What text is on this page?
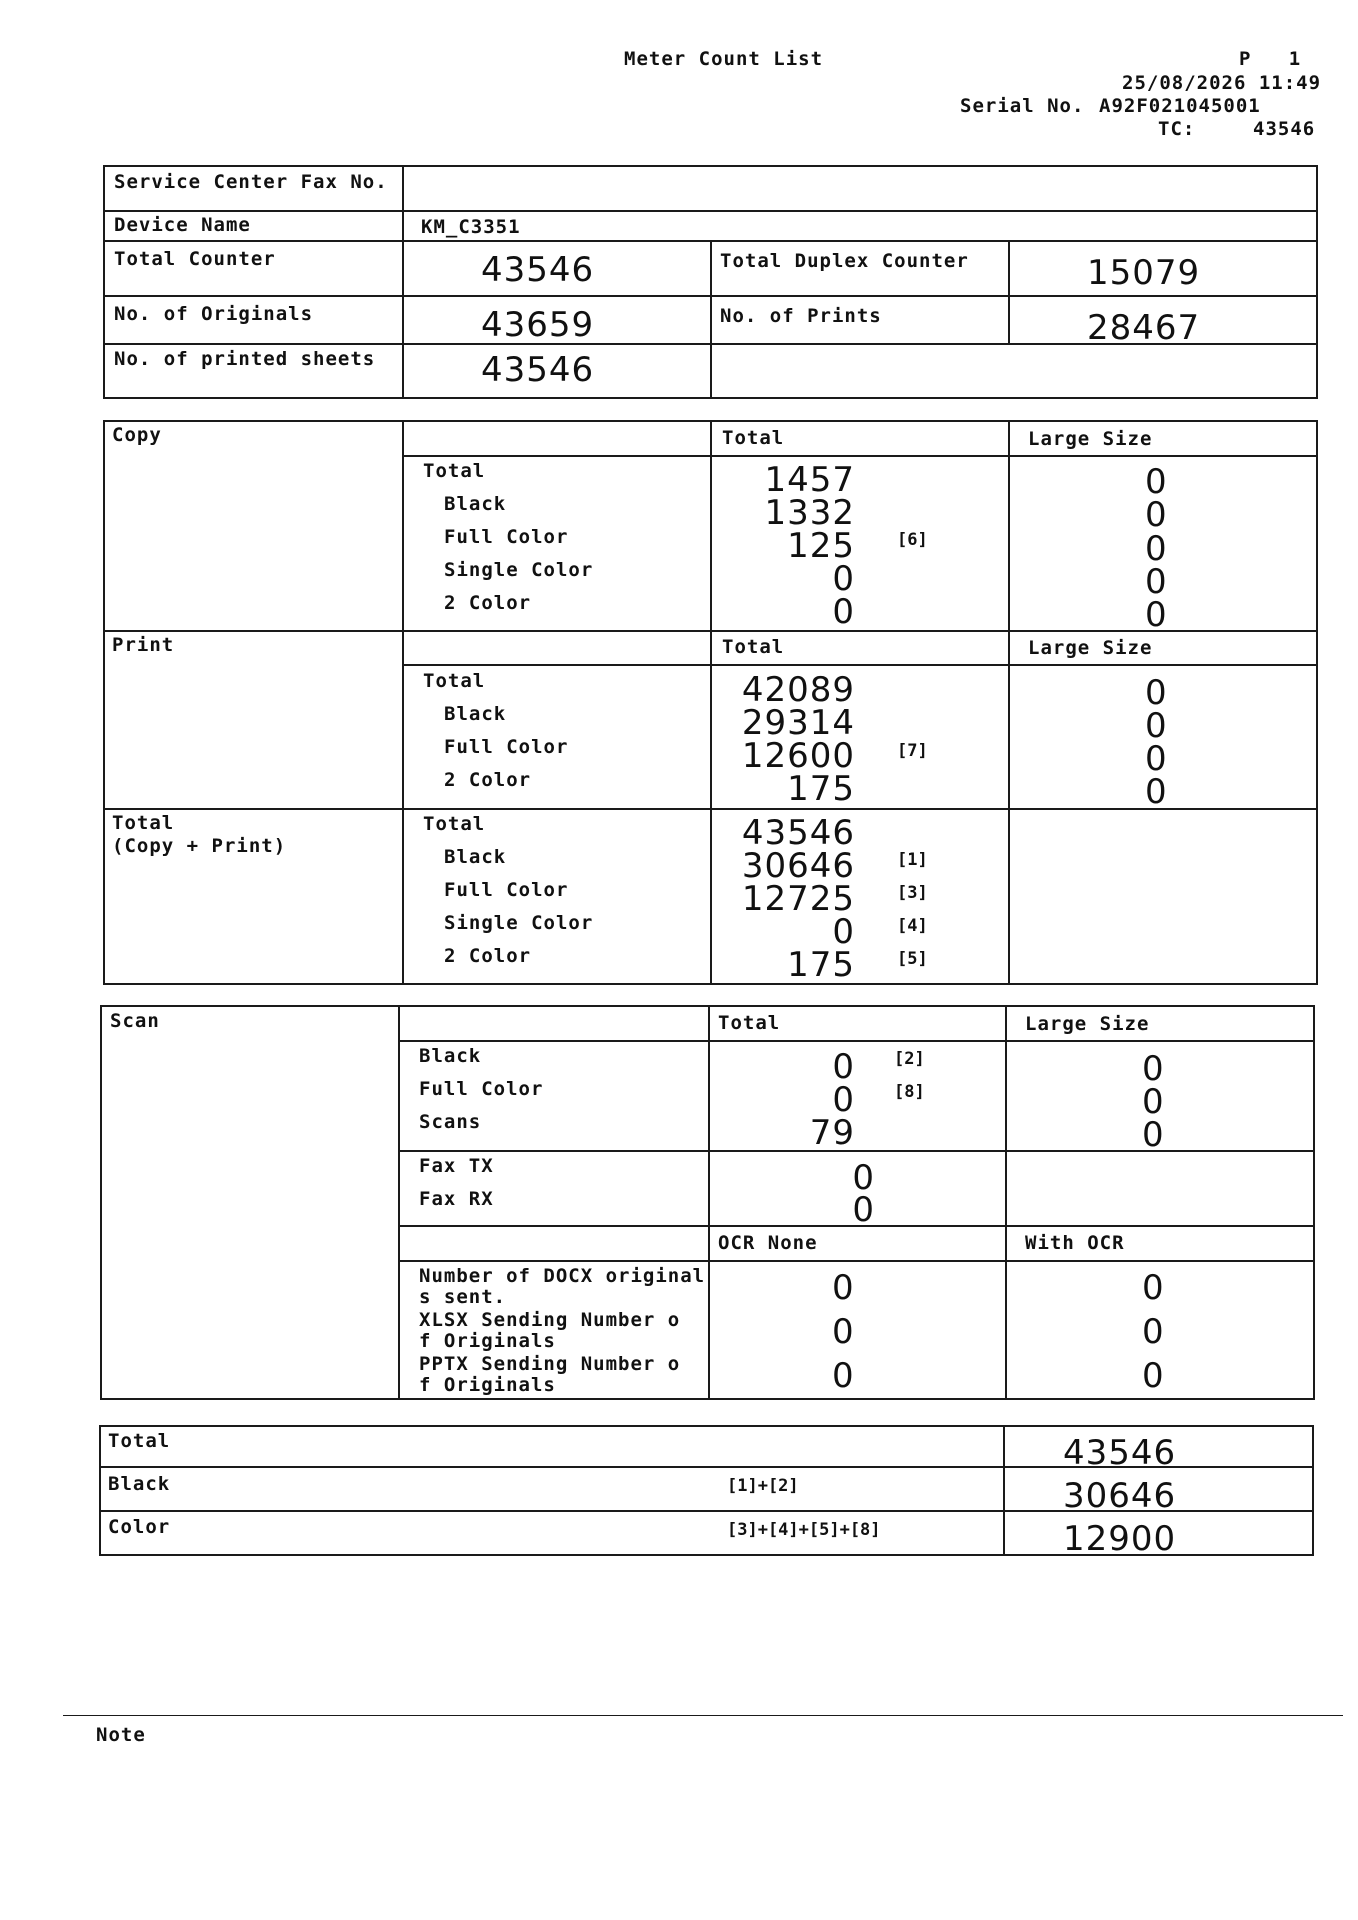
Meter Count List	P   1
25/08/2026 11:49
Serial No. A92F021045001
TC:	43546
Service Center Fax No.
Device Name	KM_C3351
Total Counter	43546	Total Duplex Counter	15079
No. of Originals	43659	No. of Prints	28467
No. of printed sheets	43546
Copy	Total	Large Size
Total	1457	0
Black	1332	0
Full Color	125 [6]	0
Single Color	0	0
2 Color	0	0
Print	Total	Large Size
Total	42089	0
Black	29314	0
Full Color	12600 [7]	0
2 Color	175	0
Total
(Copy + Print)
Total	43546
Black	30646 [1]
Full Color	12725 [3]
Single Color	0 [4]
2 Color	175 [5]
Scan	Total	Large Size
Black	0 [2]	0
Full Color	0 [8]	0
Scans	79	0
Fax TX	0
Fax RX	0
OCR None	With OCR
Number of DOCX original
s sent.	0	0
XLSX Sending Number o
f Originals	0	0
PPTX Sending Number o
f Originals	0	0
Total	43546
Black	[1]+[2]	30646
Color	[3]+[4]+[5]+[8]	12900
Note
